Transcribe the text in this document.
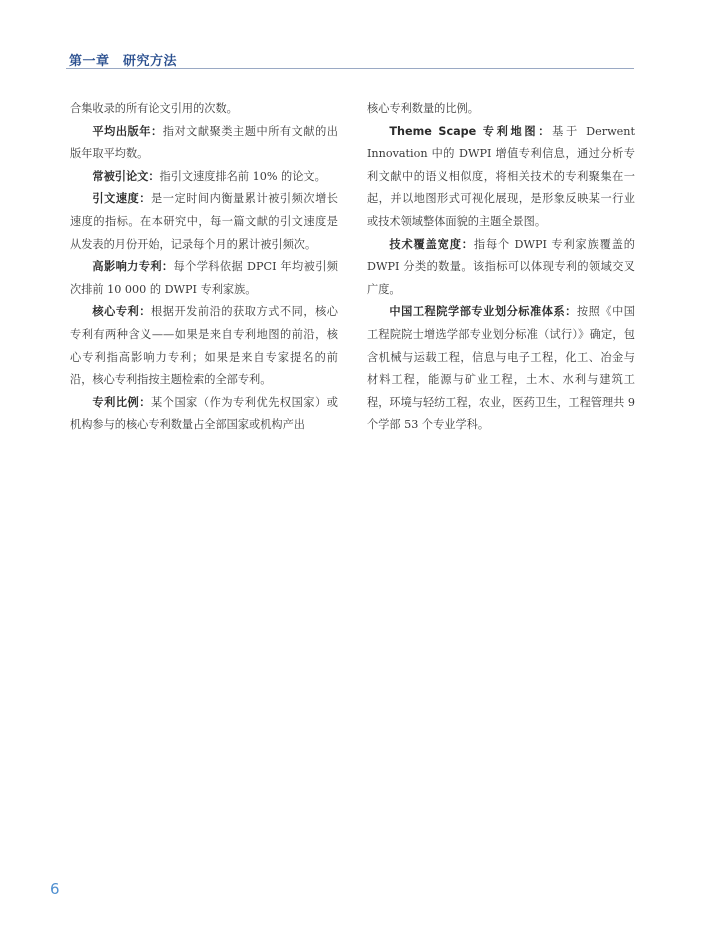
第一章　研究方法

合集收录的所有论文引用的次数。

平均出版年：指对文献聚类主题中所有文献的出版年取平均数。

常被引论文：指引文速度排名前 10% 的论文。

引文速度：是一定时间内衡量累计被引频次增长速度的指标。在本研究中，每一篇文献的引文速度是从发表的月份开始，记录每个月的累计被引频次。

高影响力专利：每个学科依据 DPCI 年均被引频次排前 10 000 的 DWPI 专利家族。

核心专利：根据开发前沿的获取方式不同，核心专利有两种含义——如果是来自专利地图的前沿，核心专利指高影响力专利；如果是来自专家提名的前沿，核心专利指按主题检索的全部专利。

专利比例：某个国家（作为专利优先权国家）或机构参与的核心专利数量占全部国家或机构产出

核心专利数量的比例。

Theme Scape 专利地图：基于 Derwent Innovation 中的 DWPI 增值专利信息，通过分析专利文献中的语义相似度，将相关技术的专利聚集在一起，并以地图形式可视化展现，是形象反映某一行业或技术领域整体面貌的主题全景图。

技术覆盖宽度：指每个 DWPI 专利家族覆盖的 DWPI 分类的数量。该指标可以体现专利的领域交叉广度。

中国工程院学部专业划分标准体系：按照《中国工程院院士增选学部专业划分标准（试行）》确定，包含机械与运载工程，信息与电子工程，化工、冶金与材料工程，能源与矿业工程，土木、水利与建筑工程，环境与轻纺工程，农业，医药卫生，工程管理共 9 个学部 53 个专业学科。

6
